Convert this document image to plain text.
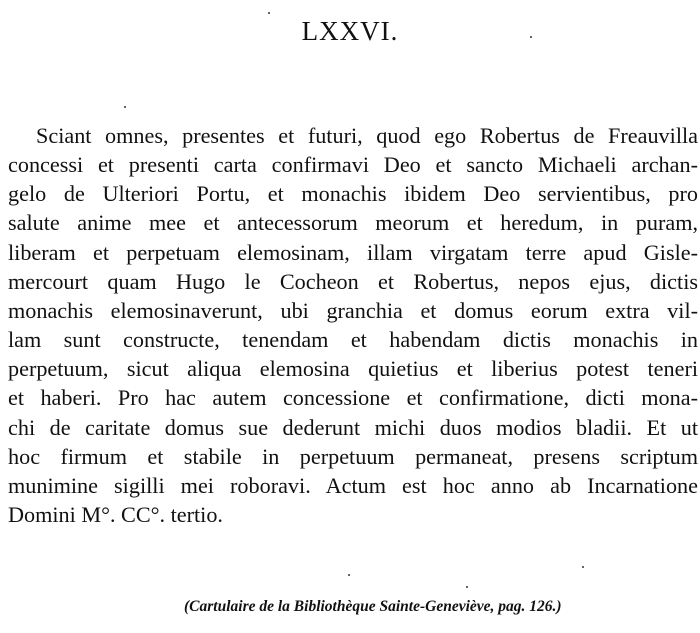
LXXVI.
Sciant omnes, presentes et futuri, quod ego Robertus de Freauvilla
concessi et presenti carta confirmavi Deo et sancto Michaeli archan-
gelo de Ulteriori Portu, et monachis ibidem Deo servientibus, pro
salute anime mee et antecessorum meorum et heredum, in puram,
liberam et perpetuam elemosinam, illam virgatam terre apud Gisle-
mercourt quam Hugo le Cocheon et Robertus, nepos ejus, dictis
monachis elemosinaverunt, ubi granchia et domus eorum extra vil-
lam sunt constructe, tenendam et habendam dictis monachis in
perpetuum, sicut aliqua elemosina quietius et liberius potest teneri
et haberi. Pro hac autem concessione et confirmatione, dicti mona-
chi de caritate domus sue dederunt michi duos modios bladii. Et ut
hoc firmum et stabile in perpetuum permaneat, presens scriptum
munimine sigilli mei roboravi. Actum est hoc anno ab Incarnatione
Domini M°. CC°. tertio.

(Cartulaire de la Bibliothèque Sainte-Geneviève, pag. 126.)
